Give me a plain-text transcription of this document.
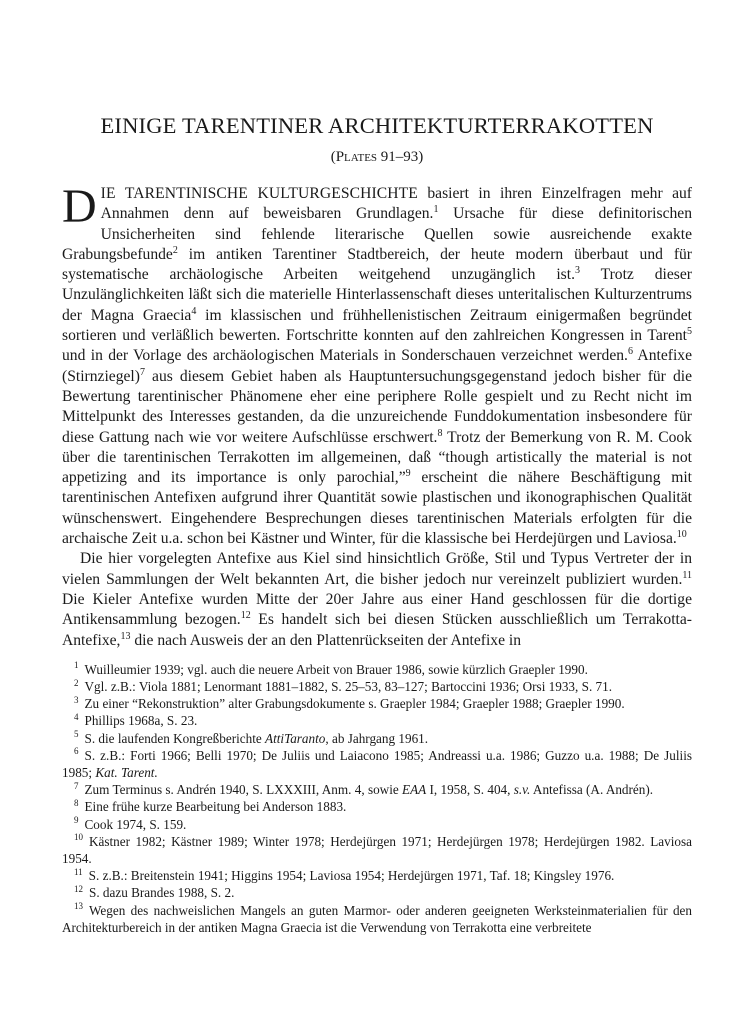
EINIGE TARENTINER ARCHITEKTURTERRAKOTTEN
(Plates 91–93)

DIE TARENTINISCHE KULTURGESCHICHTE basiert in ihren Einzelfragen mehr auf Annahmen denn auf beweisbaren Grundlagen.$^1$ Ursache für diese definitorischen Unsicherheiten sind fehlende literarische Quellen sowie ausreichende exakte Grabungsbefunde$^2$ im antiken Tarentiner Stadtbereich, der heute modern überbaut und für systematische archäologische Arbeiten weitgehend unzugänglich ist.$^3$ Trotz dieser Unzulänglichkeiten läßt sich die materielle Hinterlassenschaft dieses unteritalischen Kulturzentrums der Magna Graecia$^4$ im klassischen und frühhellenistischen Zeitraum einigermaßen begründet sortieren und verläßlich bewerten. Fortschritte konnten auf den zahlreichen Kongressen in Tarent$^5$ und in der Vorlage des archäologischen Materials in Sonderschauen verzeichnet werden.$^6$ Antefixe (Stirnziegel)$^7$ aus diesem Gebiet haben als Hauptuntersuchungsgegenstand jedoch bisher für die Bewertung tarentinischer Phänomene eher eine periphere Rolle gespielt und zu Recht nicht im Mittelpunkt des Interesses gestanden, da die unzureichende Funddokumentation insbesondere für diese Gattung nach wie vor weitere Aufschlüsse erschwert.$^8$ Trotz der Bemerkung von R. M. Cook über die tarentinischen Terrakotten im allgemeinen, daß “though artistically the material is not appetizing and its importance is only parochial,”$^9$ erscheint die nähere Beschäftigung mit tarentinischen Antefixen aufgrund ihrer Quantität sowie plastischen und ikonographischen Qualität wünschenswert. Eingehendere Besprechungen dieses tarentinischen Materials erfolgten für die archaische Zeit u.a. schon bei Kästner und Winter, für die klassische bei Herdejürgen und Laviosa.$^{10}$

Die hier vorgelegten Antefixe aus Kiel sind hinsichtlich Größe, Stil und Typus Vertreter der in vielen Sammlungen der Welt bekannten Art, die bisher jedoch nur vereinzelt publiziert wurden.$^{11}$ Die Kieler Antefixe wurden Mitte der 20er Jahre aus einer Hand geschlossen für die dortige Antikensammlung bezogen.$^{12}$ Es handelt sich bei diesen Stücken ausschließlich um Terrakotta-Antefixe,$^{13}$ die nach Ausweis der an den Plattenrückseiten der Antefixe in

$^1$ Wuilleumier 1939; vgl. auch die neuere Arbeit von Brauer 1986, sowie kürzlich Graepler 1990.

$^2$ Vgl. z.B.: Viola 1881; Lenormant 1881–1882, S. 25–53, 83–127; Bartoccini 1936; Orsi 1933, S. 71.

$^3$ Zu einer “Rekonstruktion” alter Grabungsdokumente s. Graepler 1984; Graepler 1988; Graepler 1990.

$^4$ Phillips 1968a, S. 23.

$^5$ S. die laufenden Kongreßberichte AttiTaranto, ab Jahrgang 1961.

$^6$ S. z.B.: Forti 1966; Belli 1970; De Juliis und Laiacono 1985; Andreassi u.a. 1986; Guzzo u.a. 1988; De Juliis 1985; Kat. Tarent.

$^7$ Zum Terminus s. Andrén 1940, S. LXXXIII, Anm. 4, sowie EAA I, 1958, S. 404, s.v. Antefissa (A. Andrén).

$^8$ Eine frühe kurze Bearbeitung bei Anderson 1883.

$^9$ Cook 1974, S. 159.

$^{10}$ Kästner 1982; Kästner 1989; Winter 1978; Herdejürgen 1971; Herdejürgen 1978; Herdejürgen 1982. Laviosa 1954.

$^{11}$ S. z.B.: Breitenstein 1941; Higgins 1954; Laviosa 1954; Herdejürgen 1971, Taf. 18; Kingsley 1976.

$^{12}$ S. dazu Brandes 1988, S. 2.

$^{13}$ Wegen des nachweislichen Mangels an guten Marmor- oder anderen geeigneten Werksteinmaterialien für den Architekturbereich in der antiken Magna Graecia ist die Verwendung von Terrakotta eine verbreitete
